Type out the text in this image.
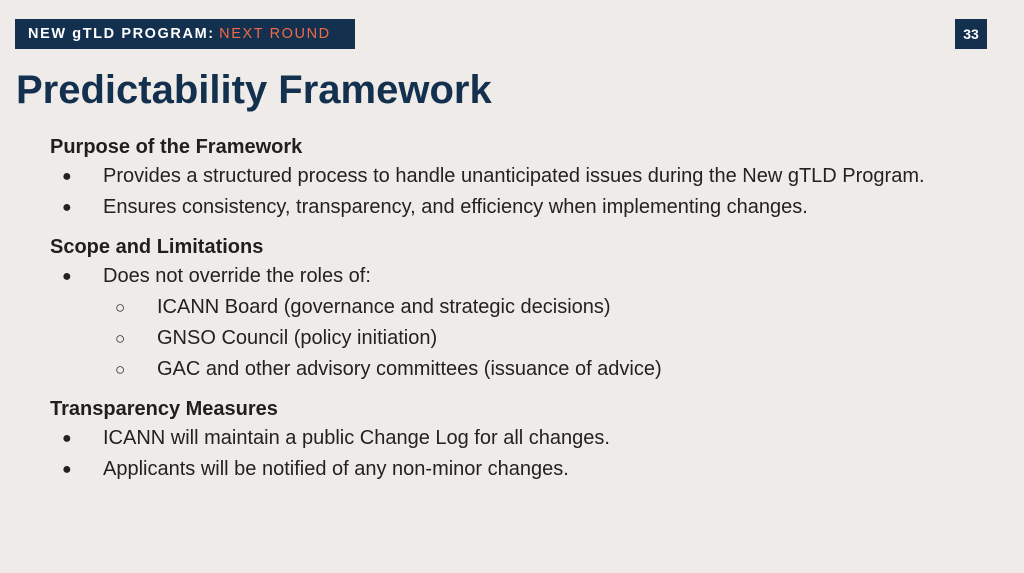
NEW gTLD PROGRAM :
NEXT ROUND	33
Predictability Framework
Purpose of the Framework
● Provides a structured process to handle unanticipated issues during the New gTLD Program.
● Ensures consistency, transparency, and efficiency when implementing changes.
Scope and Limitations
● Does not override the roles of:
○ ICANN Board (governance and strategic decisions)
○ GNSO Council (policy initiation)
○ GAC and other advisory committees (issuance of advice)
Transparency Measures
● ICANN will maintain a public Change Log for all changes.
● Applicants will be notified of any non-minor changes.
